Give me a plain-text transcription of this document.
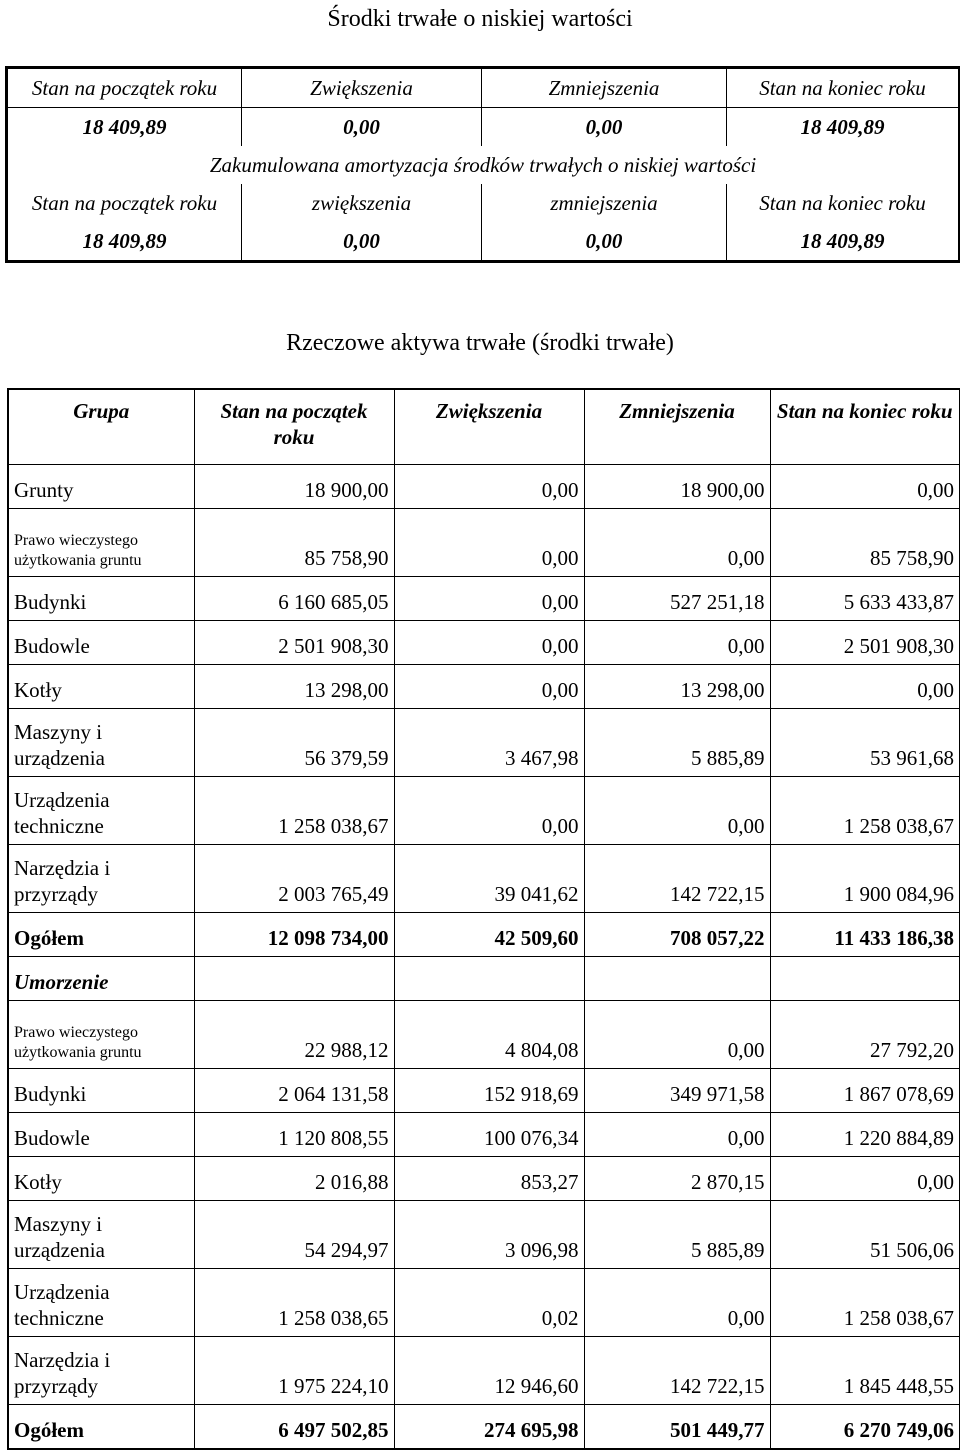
Środki trwałe o niskiej wartości
Stan na początek roku	Zwiększenia	Zmniejszenia	Stan na koniec roku
18 409,89	0,00	0,00	18 409,89
Zakumulowana amortyzacja środków trwałych o niskiej wartości			
Stan na początek roku	zwiększenia	zmniejszenia	Stan na koniec roku
18 409,89	0,00	0,00	18 409,89
Rzeczowe aktywa trwałe (środki trwałe)
Grupa	Stan na początek roku	Zwiększenia	Zmniejszenia	Stan na koniec roku
Grunty	18 900,00	0,00	18 900,00	0,00
Prawo wieczystego użytkowania gruntu	85 758,90	0,00	0,00	85 758,90
Budynki	6 160 685,05	0,00	527 251,18	5 633 433,87
Budowle	2 501 908,30	0,00	0,00	2 501 908,30
Kotły	13 298,00	0,00	13 298,00	0,00
Maszyny i urządzenia	56 379,59	3 467,98	5 885,89	53 961,68
Urządzenia techniczne	1 258 038,67	0,00	0,00	1 258 038,67
Narzędzia i przyrządy	2 003 765,49	39 041,62	142 722,15	1 900 084,96
Ogółem	12 098 734,00	42 509,60	708 057,22	11 433 186,38
Umorzenie				
Prawo wieczystego użytkowania gruntu	22 988,12	4 804,08	0,00	27 792,20
Budynki	2 064 131,58	152 918,69	349 971,58	1 867 078,69
Budowle	1 120 808,55	100 076,34	0,00	1 220 884,89
Kotły	2 016,88	853,27	2 870,15	0,00
Maszyny i urządzenia	54 294,97	3 096,98	5 885,89	51 506,06
Urządzenia techniczne	1 258 038,65	0,02	0,00	1 258 038,67
Narzędzia i przyrządy	1 975 224,10	12 946,60	142 722,15	1 845 448,55
Ogółem	6 497 502,85	274 695,98	501 449,77	6 270 749,06
